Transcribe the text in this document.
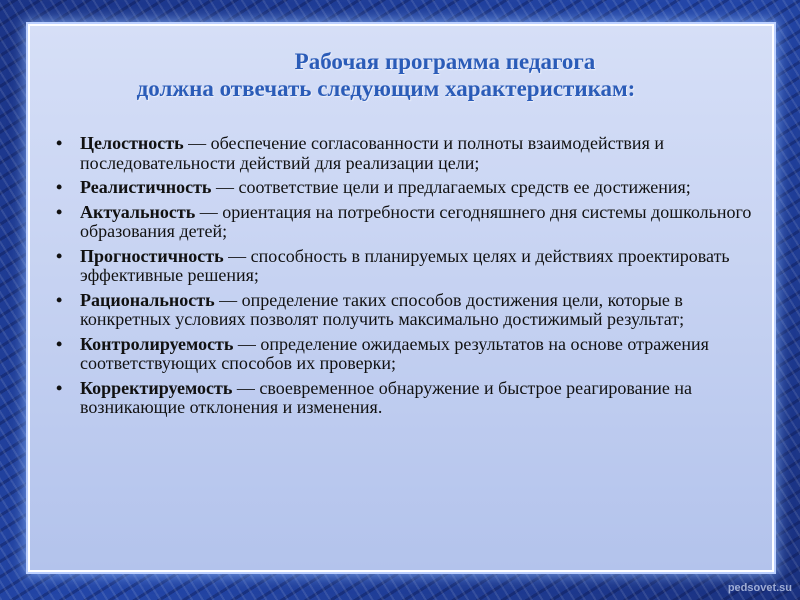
Рабочая программа педагога
должна отвечать следующим характеристикам:
• Целостность — обеспечение согласованности и полноты взаимодействия и последовательности действий для реализации цели;
• Реалистичность — соответствие цели и предлагаемых средств ее достижения;
• Актуальность — ориентация на потребности сегодняшнего дня системы дошкольного образования детей;
• Прогностичность — способность в планируемых целях и действиях проектировать эффективные решения;
• Рациональность — определение таких способов достижения цели, которые в конкретных условиях позволят получить максимально достижимый результат;
• Контролируемость — определение ожидаемых результатов на основе отражения соответствующих способов их проверки;
• Корректируемость — своевременное обнаружение и быстрое реагирование на возникающие отклонения и изменения.
pedsovet.su
